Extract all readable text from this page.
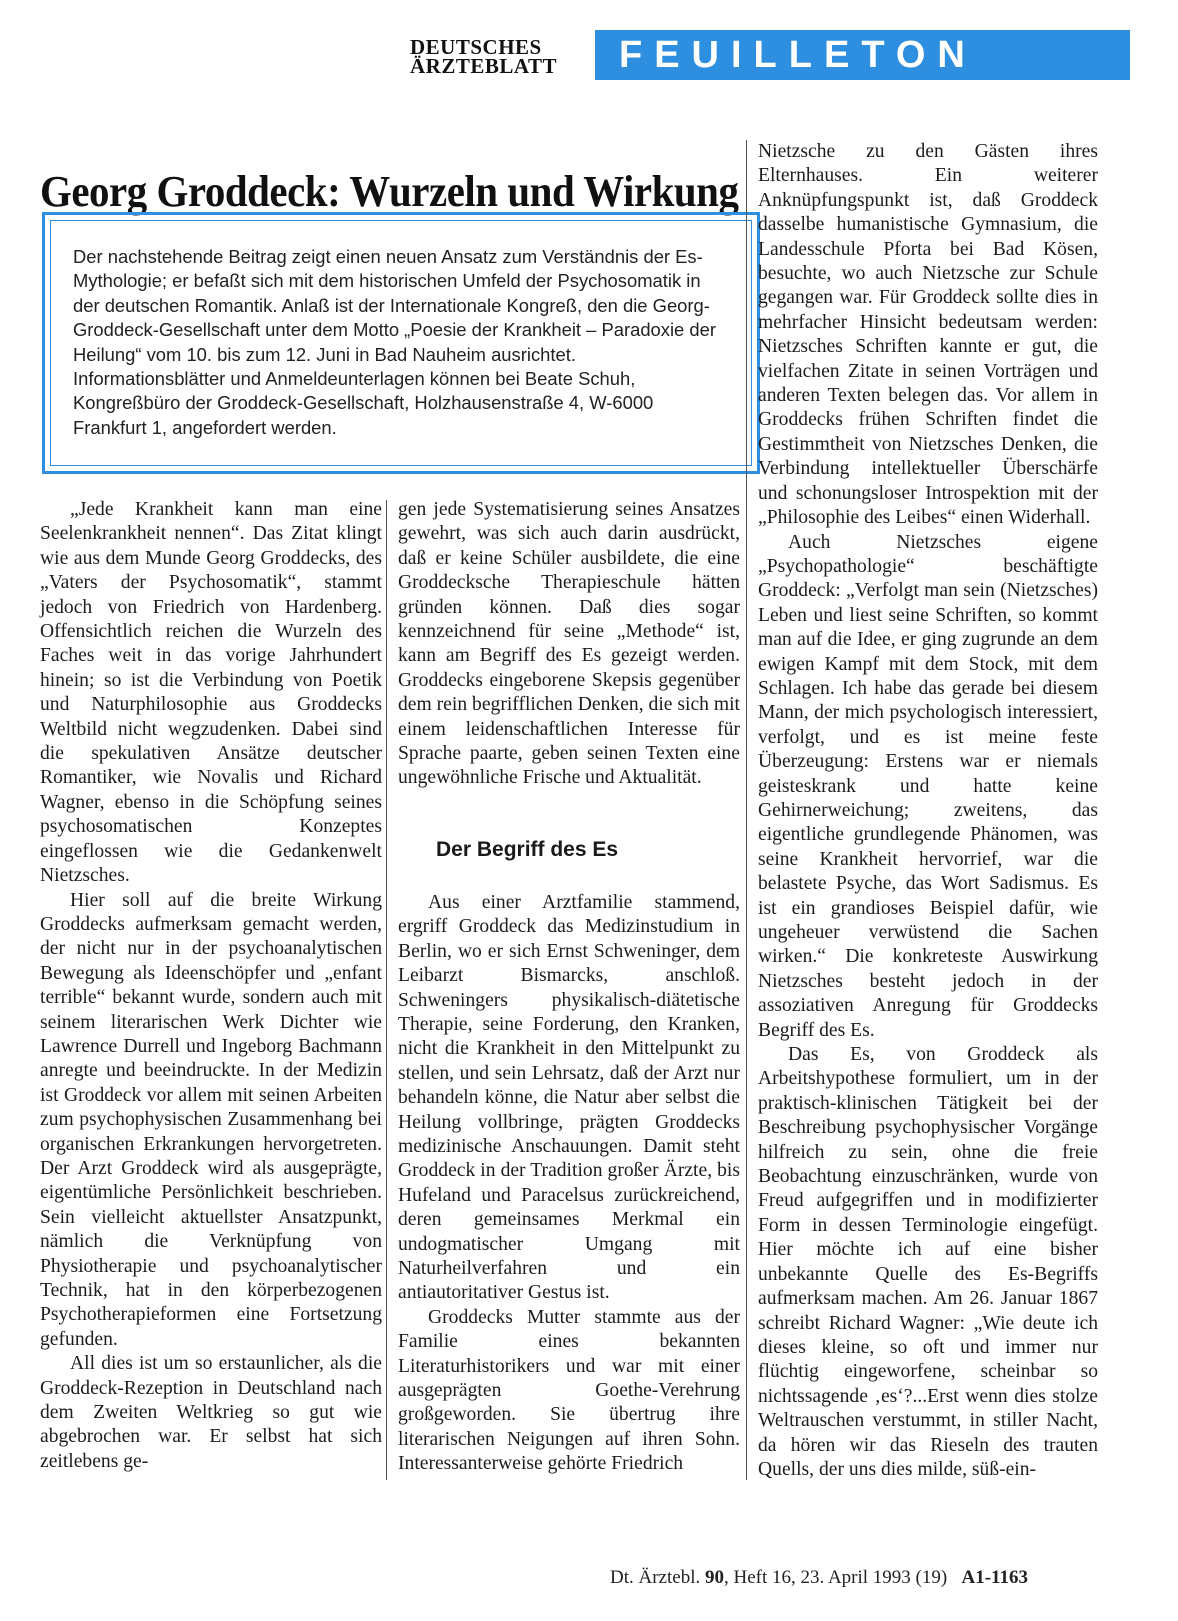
DEUTSCHES
ÄRZTEBLATT	FEUILLETON
Georg Groddeck: Wurzeln und Wirkung
Der nachstehende Beitrag zeigt einen neuen Ansatz zum Verständnis der Es-Mythologie; er befaßt sich mit dem historischen Umfeld der Psychosomatik in der deutschen Romantik. Anlaß ist der Internationale Kongreß, den die Georg-Groddeck-Gesellschaft unter dem Motto „Poesie der Krankheit – Paradoxie der Heilung“ vom 10. bis zum 12. Juni in Bad Nauheim ausrichtet. Informationsblätter und Anmeldeunterlagen können bei Beate Schuh, Kongreßbüro der Groddeck-Gesellschaft, Holzhausenstraße 4, W-6000 Frankfurt 1, angefordert werden.

„Jede Krankheit kann man eine Seelenkrankheit nennen“. Das Zitat klingt wie aus dem Munde Georg Groddecks, des „Vaters der Psychosomatik“, stammt jedoch von Friedrich von Hardenberg. Offensichtlich reichen die Wurzeln des Faches weit in das vorige Jahrhundert hinein; so ist die Verbindung von Poetik und Naturphilosophie aus Groddecks Weltbild nicht wegzudenken. Dabei sind die spekulativen Ansätze deutscher Romantiker, wie Novalis und Richard Wagner, ebenso in die Schöpfung seines psychosomatischen Konzeptes eingeflossen wie die Gedankenwelt Nietzsches.

Hier soll auf die breite Wirkung Groddecks aufmerksam gemacht werden, der nicht nur in der psychoanalytischen Bewegung als Ideenschöpfer und „enfant terrible“ bekannt wurde, sondern auch mit seinem literarischen Werk Dichter wie Lawrence Durrell und Ingeborg Bachmann anregte und beeindruckte. In der Medizin ist Groddeck vor allem mit seinen Arbeiten zum psychophysischen Zusammenhang bei organischen Erkrankungen hervorgetreten. Der Arzt Groddeck wird als ausgeprägte, eigentümliche Persönlichkeit beschrieben. Sein vielleicht aktuellster Ansatzpunkt, nämlich die Verknüpfung von Physiotherapie und psychoanalytischer Technik, hat in den körperbezogenen Psychotherapieformen eine Fortsetzung gefunden.

All dies ist um so erstaunlicher, als die Groddeck-Rezeption in Deutschland nach dem Zweiten Weltkrieg so gut wie abgebrochen war. Er selbst hat sich zeitlebens ge-

gen jede Systematisierung seines Ansatzes gewehrt, was sich auch darin ausdrückt, daß er keine Schüler ausbildete, die eine Groddecksche Therapieschule hätten gründen können. Daß dies sogar kennzeichnend für seine „Methode“ ist, kann am Begriff des Es gezeigt werden. Groddecks eingeborene Skepsis gegenüber dem rein begrifflichen Denken, die sich mit einem leidenschaftlichen Interesse für Sprache paarte, geben seinen Texten eine ungewöhnliche Frische und Aktualität.

Der Begriff des Es

Aus einer Arztfamilie stammend, ergriff Groddeck das Medizinstudium in Berlin, wo er sich Ernst Schweninger, dem Leibarzt Bismarcks, anschloß. Schweningers physikalisch-diätetische Therapie, seine Forderung, den Kranken, nicht die Krankheit in den Mittelpunkt zu stellen, und sein Lehrsatz, daß der Arzt nur behandeln könne, die Natur aber selbst die Heilung vollbringe, prägten Groddecks medizinische Anschauungen. Damit steht Groddeck in der Tradition großer Ärzte, bis Hufeland und Paracelsus zurückreichend, deren gemeinsames Merkmal ein undogmatischer Umgang mit Naturheilverfahren und ein antiautoritativer Gestus ist.

Groddecks Mutter stammte aus der Familie eines bekannten Literaturhistorikers und war mit einer ausgeprägten Goethe-Verehrung großgeworden. Sie übertrug ihre literarischen Neigungen auf ihren Sohn. Interessanterweise gehörte Friedrich

Nietzsche zu den Gästen ihres Elternhauses. Ein weiterer Anknüpfungspunkt ist, daß Groddeck dasselbe humanistische Gymnasium, die Landesschule Pforta bei Bad Kösen, besuchte, wo auch Nietzsche zur Schule gegangen war. Für Groddeck sollte dies in mehrfacher Hinsicht bedeutsam werden: Nietzsches Schriften kannte er gut, die vielfachen Zitate in seinen Vorträgen und anderen Texten belegen das. Vor allem in Groddecks frühen Schriften findet die Gestimmtheit von Nietzsches Denken, die Verbindung intellektueller Überschärfe und schonungsloser Introspektion mit der „Philosophie des Leibes“ einen Widerhall.

Auch Nietzsches eigene „Psychopathologie“ beschäftigte Groddeck: „Verfolgt man sein (Nietzsches) Leben und liest seine Schriften, so kommt man auf die Idee, er ging zugrunde an dem ewigen Kampf mit dem Stock, mit dem Schlagen. Ich habe das gerade bei diesem Mann, der mich psychologisch interessiert, verfolgt, und es ist meine feste Überzeugung: Erstens war er niemals geisteskrank und hatte keine Gehirnerweichung; zweitens, das eigentliche grundlegende Phänomen, was seine Krankheit hervorrief, war die belastete Psyche, das Wort Sadismus. Es ist ein grandioses Beispiel dafür, wie ungeheuer verwüstend die Sachen wirken.“ Die konkreteste Auswirkung Nietzsches besteht jedoch in der assoziativen Anregung für Groddecks Begriff des Es.

Das Es, von Groddeck als Arbeitshypothese formuliert, um in der praktisch-klinischen Tätigkeit bei der Beschreibung psychophysischer Vorgänge hilfreich zu sein, ohne die freie Beobachtung einzuschränken, wurde von Freud aufgegriffen und in modifizierter Form in dessen Terminologie eingefügt. Hier möchte ich auf eine bisher unbekannte Quelle des Es-Begriffs aufmerksam machen. Am 26. Januar 1867 schreibt Richard Wagner: „Wie deute ich dieses kleine, so oft und immer nur flüchtig eingeworfene, scheinbar so nichtssagende ‚es‘?...Erst wenn dies stolze Weltrauschen verstummt, in stiller Nacht, da hören wir das Rieseln des trauten Quells, der uns dies milde, süß-ein-

Dt. Ärztebl. 90, Heft 16, 23. April 1993 (19) A1-1163
